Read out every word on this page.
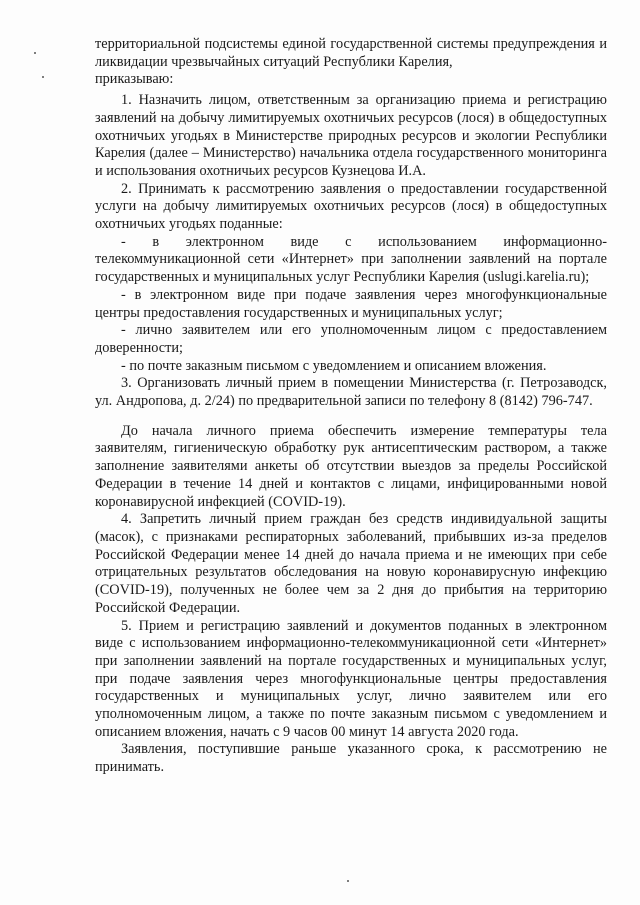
территориальной подсистемы единой государственной системы предупреждения и ликвидации чрезвычайных ситуаций Республики Карелия,

приказываю:

1. Назначить лицом, ответственным за организацию приема и регистрацию заявлений на добычу лимитируемых охотничьих ресурсов (лося) в общедоступных охотничьих угодьях в Министерстве природных ресурсов и экологии Республики Карелия (далее – Министерство) начальника отдела государственного мониторинга и использования охотничьих ресурсов Кузнецова И.А.

2. Принимать к рассмотрению заявления о предоставлении государственной услуги на добычу лимитируемых охотничьих ресурсов (лося) в общедоступных охотничьих угодьях поданные:

- в электронном виде с использованием информационно-телекоммуникационной сети «Интернет» при заполнении заявлений на портале государственных и муниципальных услуг Республики Карелия (uslugi.karelia.ru);

- в электронном виде при подаче заявления через многофункциональные центры предоставления государственных и муниципальных услуг;

- лично заявителем или его уполномоченным лицом с предоставлением доверенности;

- по почте заказным письмом с уведомлением и описанием вложения.

3. Организовать личный прием в помещении Министерства (г. Петрозаводск, ул. Андропова, д. 2/24) по предварительной записи по телефону 8 (8142) 796-747.

До начала личного приема обеспечить измерение температуры тела заявителям, гигиеническую обработку рук антисептическим раствором, а также заполнение заявителями анкеты об отсутствии выездов за пределы Российской Федерации в течение 14 дней и контактов с лицами, инфицированными новой коронавирусной инфекцией (COVID-19).

4. Запретить личный прием граждан без средств индивидуальной защиты (масок), с признаками респираторных заболеваний, прибывших из-за пределов Российской Федерации менее 14 дней до начала приема и не имеющих при себе отрицательных результатов обследования на новую коронавирусную инфекцию (COVID-19), полученных не более чем за 2 дня до прибытия на территорию Российской Федерации.

5. Прием и регистрацию заявлений и документов поданных в электронном виде с использованием информационно-телекоммуникационной сети «Интернет» при заполнении заявлений на портале государственных и муниципальных услуг, при подаче заявления через многофункциональные центры предоставления государственных и муниципальных услуг, лично заявителем или его уполномоченным лицом, а также по почте заказным письмом с уведомлением и описанием вложения, начать с 9 часов 00 минут 14 августа 2020 года.

Заявления, поступившие раньше указанного срока, к рассмотрению не принимать.
